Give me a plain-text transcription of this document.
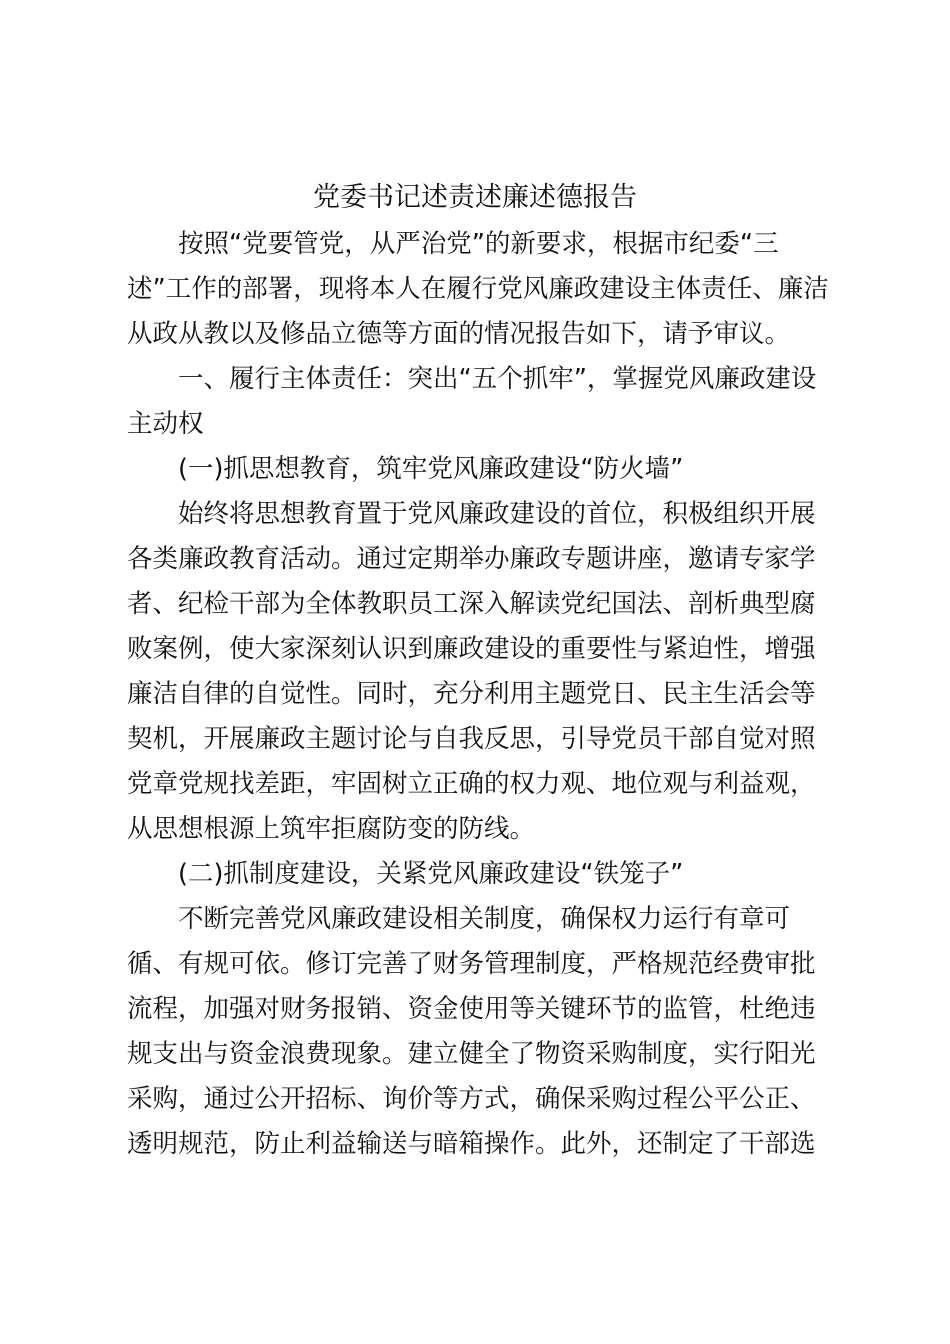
党委书记述责述廉述德报告
按照“党要管党，从严治党”的新要求，根据市纪委“三
述”工作的部署，现将本人在履行党风廉政建设主体责任、廉洁
从政从教以及修品立德等方面的情况报告如下，请予审议。
一、履行主体责任：突出“五个抓牢”，掌握党风廉政建设
主动权
(一)抓思想教育，筑牢党风廉政建设“防火墙”
始终将思想教育置于党风廉政建设的首位，积极组织开展
各类廉政教育活动。通过定期举办廉政专题讲座，邀请专家学
者、纪检干部为全体教职员工深入解读党纪国法、剖析典型腐
败案例，使大家深刻认识到廉政建设的重要性与紧迫性，增强
廉洁自律的自觉性。同时，充分利用主题党日、民主生活会等
契机，开展廉政主题讨论与自我反思，引导党员干部自觉对照
党章党规找差距，牢固树立正确的权力观、地位观与利益观，
从思想根源上筑牢拒腐防变的防线。
(二)抓制度建设，关紧党风廉政建设“铁笼子”
不断完善党风廉政建设相关制度，确保权力运行有章可
循、有规可依。修订完善了财务管理制度，严格规范经费审批
流程，加强对财务报销、资金使用等关键环节的监管，杜绝违
规支出与资金浪费现象。建立健全了物资采购制度，实行阳光
采购，通过公开招标、询价等方式，确保采购过程公平公正、
透明规范，防止利益输送与暗箱操作。此外，还制定了干部选
